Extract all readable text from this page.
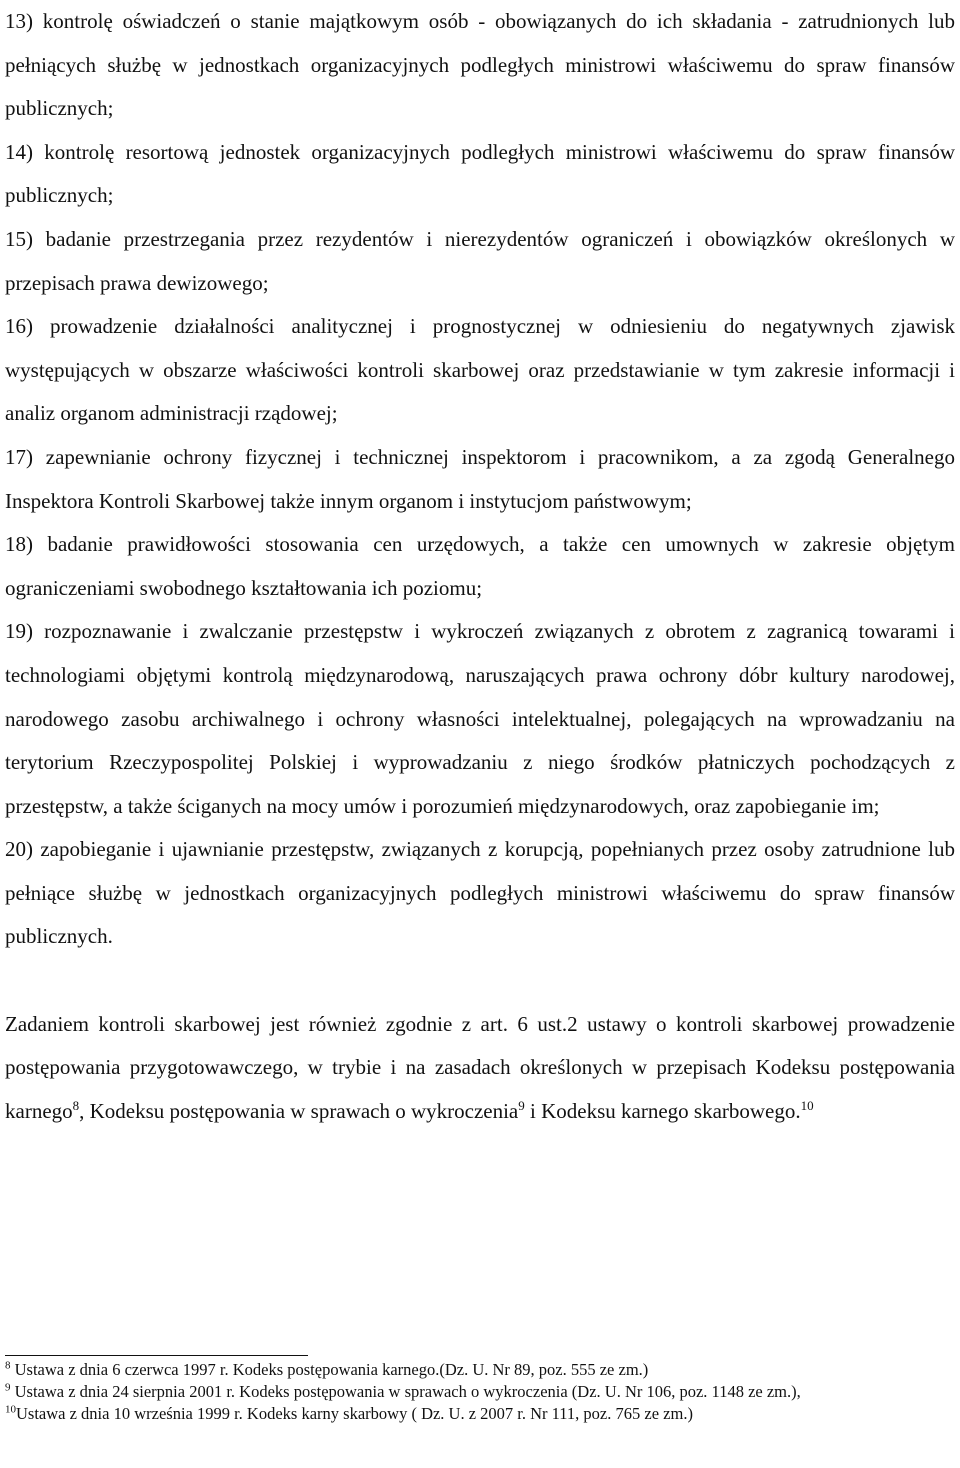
13) kontrolę oświadczeń o stanie majątkowym osób - obowiązanych do ich składania - zatrudnionych lub pełniących służbę w jednostkach organizacyjnych podległych ministrowi właściwemu do spraw finansów publicznych;

14) kontrolę resortową jednostek organizacyjnych podległych ministrowi właściwemu do spraw finansów publicznych;

15) badanie przestrzegania przez rezydentów i nierezydentów ograniczeń i obowiązków określonych w przepisach prawa dewizowego;

16) prowadzenie działalności analitycznej i prognostycznej w odniesieniu do negatywnych zjawisk występujących w obszarze właściwości kontroli skarbowej oraz przedstawianie w tym zakresie informacji i analiz organom administracji rządowej;

17) zapewnianie ochrony fizycznej i technicznej inspektorom i pracownikom, a za zgodą Generalnego Inspektora Kontroli Skarbowej także innym organom i instytucjom państwowym;

18) badanie prawidłowości stosowania cen urzędowych, a także cen umownych w zakresie objętym ograniczeniami swobodnego kształtowania ich poziomu;

19) rozpoznawanie i zwalczanie przestępstw i wykroczeń związanych z obrotem z zagranicą towarami i technologiami objętymi kontrolą międzynarodową, naruszających prawa ochrony dóbr kultury narodowej, narodowego zasobu archiwalnego i ochrony własności intelektualnej, polegających na wprowadzaniu na terytorium Rzeczypospolitej Polskiej i wyprowadzaniu z niego środków płatniczych pochodzących z przestępstw, a także ściganych na mocy umów i porozumień międzynarodowych, oraz zapobieganie im;

20) zapobieganie i ujawnianie przestępstw, związanych z korupcją, popełnianych przez osoby zatrudnione lub pełniące służbę w jednostkach organizacyjnych podległych ministrowi właściwemu do spraw finansów publicznych.

Zadaniem kontroli skarbowej jest również zgodnie z art. 6 ust.2 ustawy o kontroli skarbowej prowadzenie postępowania przygotowawczego, w trybie i na zasadach określonych w przepisach Kodeksu postępowania karnego$^8$, Kodeksu postępowania w sprawach o wykroczenia$^9$ i Kodeksu karnego skarbowego.$^{10}$

$^8$ Ustawa z dnia 6 czerwca 1997 r. Kodeks postępowania karnego.(Dz. U. Nr 89, poz. 555 ze zm.)

$^9$ Ustawa z dnia 24 sierpnia 2001 r. Kodeks postępowania w sprawach o wykroczenia (Dz. U. Nr 106, poz. 1148 ze zm.),

$^{10}$Ustawa z dnia 10 września 1999 r. Kodeks karny skarbowy ( Dz. U. z 2007 r. Nr 111, poz. 765 ze zm.)
